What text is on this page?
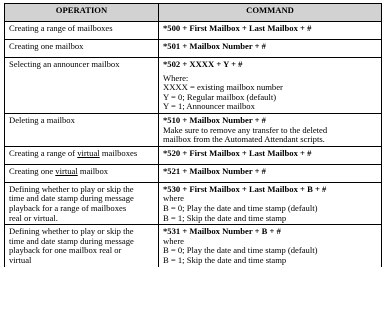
OPERATION	COMMAND

Creating a range of mailboxes	*500 + First Mailbox + Last Mailbox + #

Creating one mailbox	*501 + Mailbox Number + #

Selecting an announcer mailbox	*502 + XXXX + Y + #
Where:
XXXX = existing mailbox number
Y = 0; Regular mailbox (default)
Y = 1; Announcer mailbox

Deleting a mailbox	*510 + Mailbox Number + #
Make sure to remove any transfer to the deleted
mailbox from the Automated Attendant scripts.

Creating a range of virtual mailboxes	*520 + First Mailbox + Last Mailbox + #

Creating one virtual mailbox	*521 + Mailbox Number + #

Defining whether to play or skip the
time and date stamp during message
playback for a range of mailboxes
real or virtual.	*530 + First Mailbox + Last Mailbox + B + #
where
B = 0; Play the date and time stamp (default)
B = 1; Skip the date and time stamp

Defining whether to play or skip the
time and date stamp during message
playback for one mailbox real or
virtual	*531 + Mailbox Number + B + #
where
B = 0; Play the date and time stamp (default)
B = 1; Skip the date and time stamp
